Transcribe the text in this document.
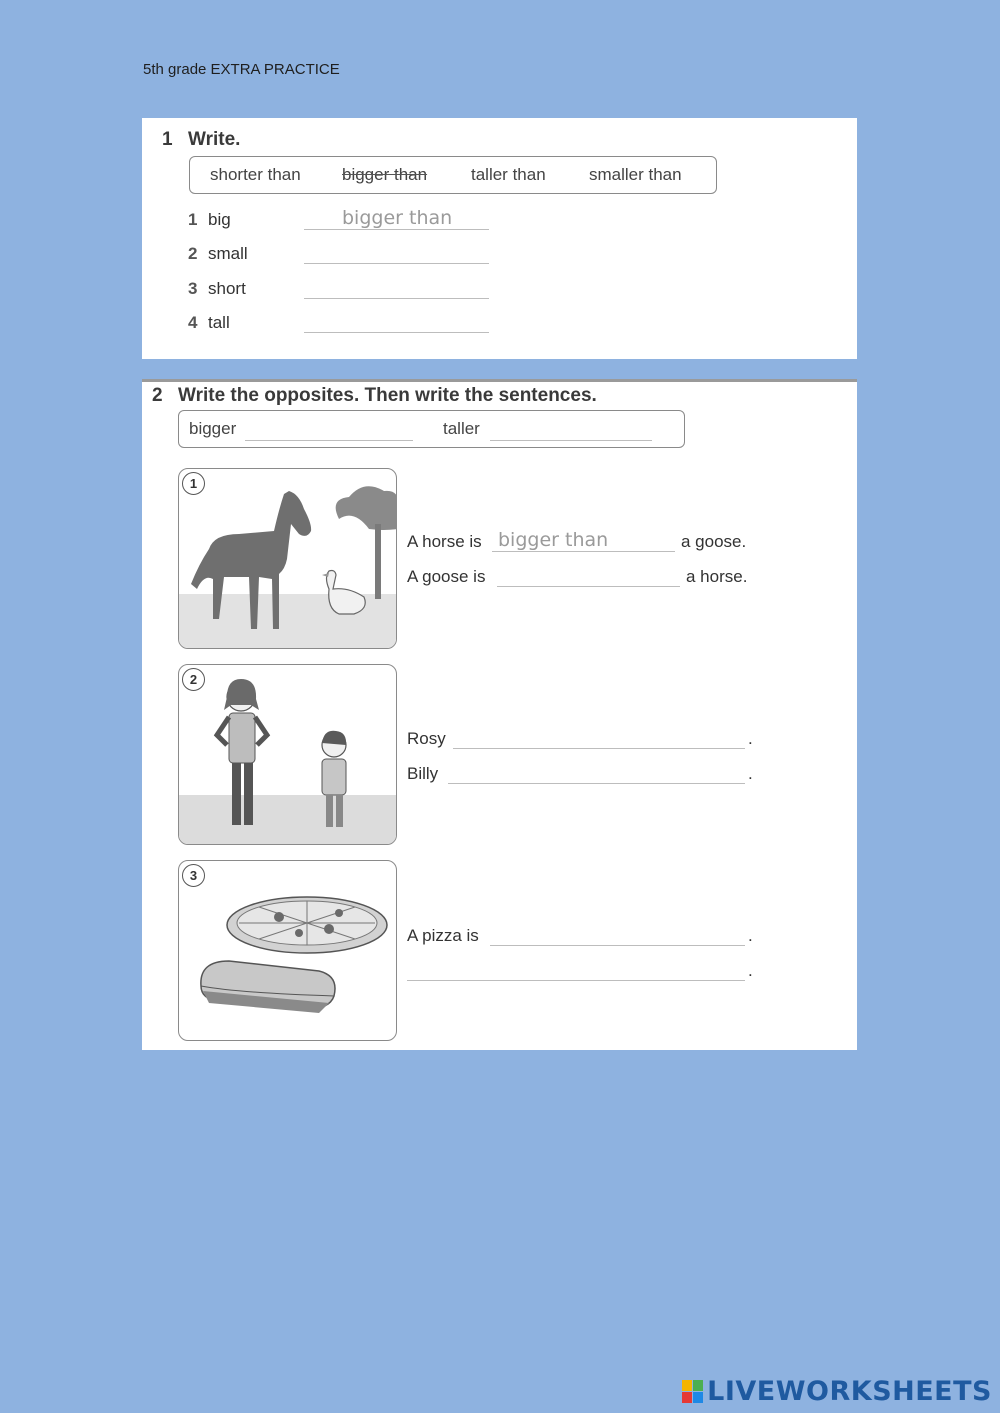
5th grade EXTRA PRACTICE
1 Write.
shorter than bigger than	taller than	smaller than
1 big	bigger than
2 small
3 short
4 tall
2 Write the opposites. Then write the sentences.
bigger	taller
1
A horse is bigger than	a goose.
A goose is	a horse.
2
Rosy	.
Billy	.
3
A pizza is	.
.
LIVEWORKSHEETS
